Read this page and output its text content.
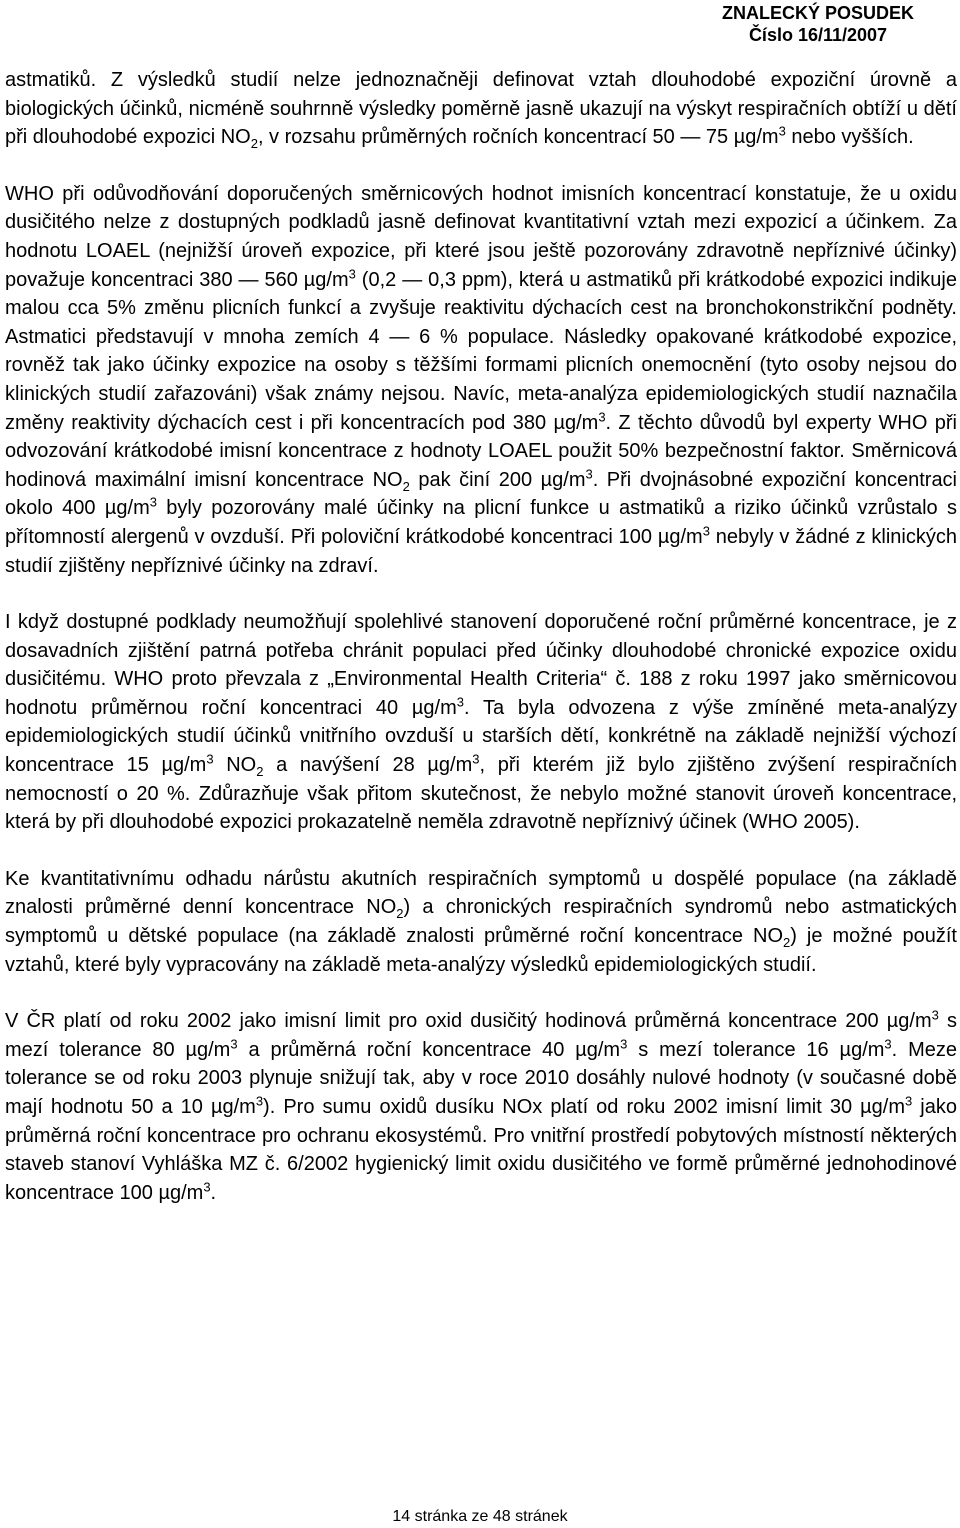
ZNALECKÝ POSUDEK
Číslo 16/11/2007

astmatiků. Z výsledků studií nelze jednoznačněji definovat vztah dlouhodobé expoziční úrovně a biologických účinků, nicméně souhrnně výsledky poměrně jasně ukazují na výskyt respiračních obtíží u dětí při dlouhodobé expozici $NO_2$, v rozsahu průměrných ročních koncentrací 50 — 75 $\mu g/m^3$ nebo vyšších.

WHO při odůvodňování doporučených směrnicových hodnot imisních koncentrací konstatuje, že u oxidu dusičitého nelze z dostupných podkladů jasně definovat kvantitativní vztah mezi expozicí a účinkem. Za hodnotu LOAEL (nejnižší úroveň expozice, při které jsou ještě pozorovány zdravotně nepříznivé účinky) považuje koncentraci 380 — 560 $\mu g/m^3$ (0,2 — 0,3 ppm), která u astmatiků při krátkodobé expozici indikuje malou cca 5% změnu plicních funkcí a zvyšuje reaktivitu dýchacích cest na bronchokonstrikční podněty. Astmatici představují v mnoha zemích 4 — 6 % populace. Následky opakované krátkodobé expozice, rovněž tak jako účinky expozice na osoby s těžšími formami plicních onemocnění (tyto osoby nejsou do klinických studií zařazováni) však známy nejsou. Navíc, meta-analýza epidemiologických studií naznačila změny reaktivity dýchacích cest i při koncentracích pod 380 $\mu g/m^3$. Z těchto důvodů byl experty WHO při odvozování krátkodobé imisní koncentrace z hodnoty LOAEL použit 50% bezpečnostní faktor. Směrnicová hodinová maximální imisní koncentrace $NO_2$ pak činí 200 $\mu g/m^3$. Při dvojnásobné expoziční koncentraci okolo 400 $\mu g/m^3$ byly pozorovány malé účinky na plicní funkce u astmatiků a riziko účinků vzrůstalo s přítomností alergenů v ovzduší. Při poloviční krátkodobé koncentraci 100 $\mu g/m^3$ nebyly v žádné z klinických studií zjištěny nepříznivé účinky na zdraví.

I když dostupné podklady neumožňují spolehlivé stanovení doporučené roční průměrné koncentrace, je z dosavadních zjištění patrná potřeba chránit populaci před účinky dlouhodobé chronické expozice oxidu dusičitému. WHO proto převzala z „Environmental Health Criteria“ č. 188 z roku 1997 jako směrnicovou hodnotu průměrnou roční koncentraci 40 $\mu g/m^3$. Ta byla odvozena z výše zmíněné meta-analýzy epidemiologických studií účinků vnitřního ovzduší u starších dětí, konkrétně na základě nejnižší výchozí koncentrace 15 $\mu g/m^3$ $NO_2$ a navýšení 28 $\mu g/m^3$, při kterém již bylo zjištěno zvýšení respiračních nemocností o 20 %. Zdůrazňuje však přitom skutečnost, že nebylo možné stanovit úroveň koncentrace, která by při dlouhodobé expozici prokazatelně neměla zdravotně nepříznivý účinek (WHO 2005).

Ke kvantitativnímu odhadu nárůstu akutních respiračních symptomů u dospělé populace (na základě znalosti průměrné denní koncentrace $NO_2$) a chronických respiračních syndromů nebo astmatických symptomů u dětské populace (na základě znalosti průměrné roční koncentrace $NO_2$) je možné použít vztahů, které byly vypracovány na základě meta-analýzy výsledků epidemiologických studií.

V ČR platí od roku 2002 jako imisní limit pro oxid dusičitý hodinová průměrná koncentrace 200 $\mu g/m^3$ s mezí tolerance 80 $\mu g/m^3$ a průměrná roční koncentrace 40 $\mu g/m^3$ s mezí tolerance 16 $\mu g/m^3$. Meze tolerance se od roku 2003 plynuje snižují tak, aby v roce 2010 dosáhly nulové hodnoty (v současné době mají hodnotu 50 a 10 $\mu g/m^3$). Pro sumu oxidů dusíku NOx platí od roku 2002 imisní limit 30 $\mu g/m^3$ jako průměrná roční koncentrace pro ochranu ekosystémů. Pro vnitřní prostředí pobytových místností některých staveb stanoví Vyhláška MZ č. 6/2002 hygienický limit oxidu dusičitého ve formě průměrné jednohodinové koncentrace 100 $\mu g/m^3$.

14 stránka ze 48 stránek
